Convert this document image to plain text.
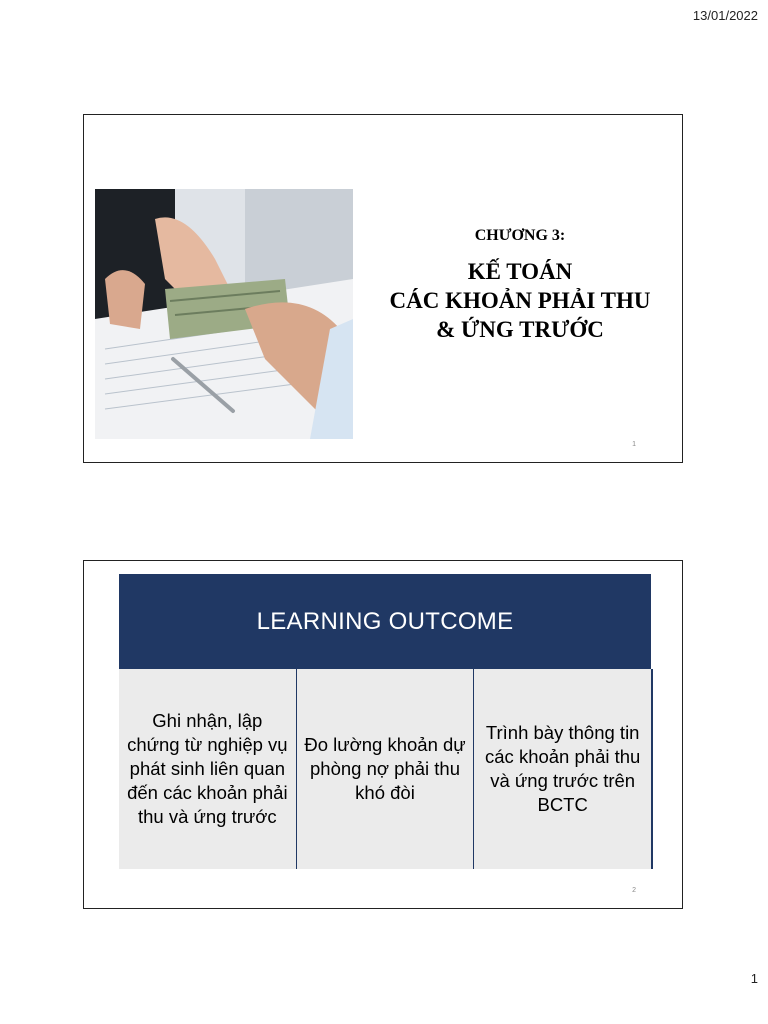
13/01/2022
CHƯƠNG 3:
KẾ TOÁN
CÁC KHOẢN PHẢI THU
& ỨNG TRƯỚC
1
LEARNING OUTCOME
Ghi nhận, lập chứng từ nghiệp vụ phát sinh liên quan đến các khoản phải thu và ứng trước
Đo lường khoản dự phòng nợ phải thu khó đòi
Trình bày thông tin các khoản phải thu và ứng trước trên BCTC
2
1
